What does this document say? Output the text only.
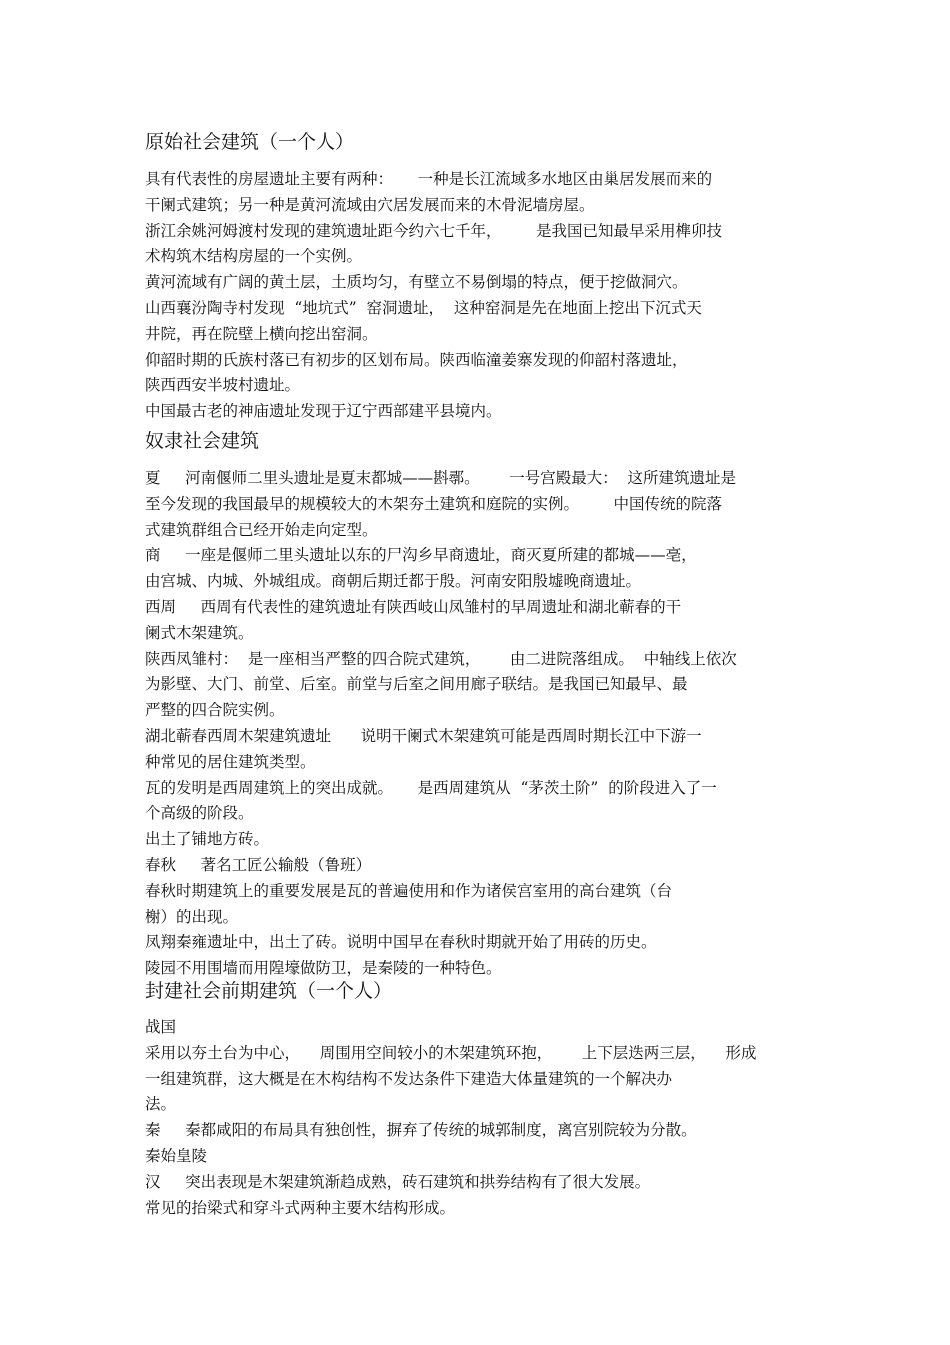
原始社会建筑（一个人）

具有代表性的房屋遗址主要有两种：     一种是长江流域多水地区由巢居发展而来的

干阑式建筑；另一种是黄河流域由穴居发展而来的木骨泥墙房屋。

浙江余姚河姆渡村发现的建筑遗址距今约六七千年，       是我国已知最早采用榫卯技

术构筑木结构房屋的一个实例。

黄河流域有广阔的黄土层，土质均匀，有壁立不易倒塌的特点，便于挖做洞穴。

山西襄汾陶寺村发现  “地坑式”  窑洞遗址，  这种窑洞是先在地面上挖出下沉式天

井院，再在院壁上横向挖出窑洞。

仰韶时期的氏族村落已有初步的区划布局。陕西临潼姜寨发现的仰韶村落遗址，

陕西西安半坡村遗址。

中国最古老的神庙遗址发现于辽宁西部建平县境内。

奴隶社会建筑

夏     河南偃师二里头遗址是夏末都城——斟鄩。      一号宫殿最大：  这所建筑遗址是

至今发现的我国最早的规模较大的木架夯土建筑和庭院的实例。       中国传统的院落

式建筑群组合已经开始走向定型。

商     一座是偃师二里头遗址以东的尸沟乡早商遗址，商灭夏所建的都城——亳，

由宫城、内城、外城组成。商朝后期迁都于殷。河南安阳殷墟晚商遗址。

西周     西周有代表性的建筑遗址有陕西岐山凤雏村的早周遗址和湖北蕲春的干

阑式木架建筑。

陕西凤雏村：  是一座相当严整的四合院式建筑，      由二进院落组成。  中轴线上依次

为影壁、大门、前堂、后室。前堂与后室之间用廊子联结。是我国已知最早、最

严整的四合院实例。

湖北蕲春西周木架建筑遗址      说明干阑式木架建筑可能是西周时期长江中下游一

种常见的居住建筑类型。

瓦的发明是西周建筑上的突出成就。     是西周建筑从  “茅茨土阶”  的阶段进入了一

个高级的阶段。

出土了铺地方砖。

春秋     著名工匠公输般（鲁班）

春秋时期建筑上的重要发展是瓦的普遍使用和作为诸侯宫室用的高台建筑（台

榭）的出现。

凤翔秦雍遗址中，出土了砖。说明中国早在春秋时期就开始了用砖的历史。

陵园不用围墙而用隍壕做防卫，是秦陵的一种特色。

封建社会前期建筑（一个人）

战国

采用以夯土台为中心，    周围用空间较小的木架建筑环抱，      上下层迭两三层，    形成

一组建筑群，这大概是在木构结构不发达条件下建造大体量建筑的一个解决办

法。

秦     秦都咸阳的布局具有独创性，摒弃了传统的城郭制度，离宫别院较为分散。

秦始皇陵

汉     突出表现是木架建筑渐趋成熟，砖石建筑和拱券结构有了很大发展。

常见的抬梁式和穿斗式两种主要木结构形成。
